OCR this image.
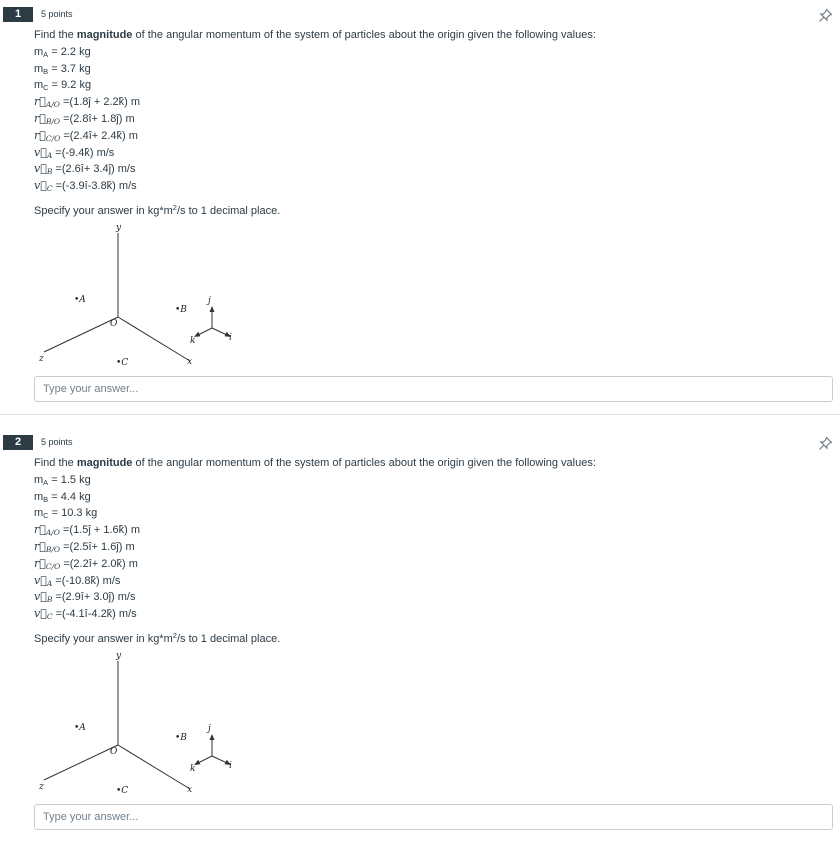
1	5 points
Find the magnitude of the angular momentum of the system of particles about the origin given the following values:
$m_A = 2.2$ kg
$m_B = 3.7$ kg
$m_C = 9.2$ kg
r⃗A/O =(1.8ĵ + 2.2k̂) m
r⃗B/O =(2.8î+ 1.8ĵ) m
r⃗C/O =(2.4î+ 2.4k̂) m
v⃗A =(-9.4k̂) m/s
v⃗B =(2.6î+ 3.4ĵ) m/s
v⃗C =(-3.9î-3.8k̂) m/s
Specify your answer in $kg*m^2/s$ to 1 decimal place.
y
z	x
O
•A
•B
•C
j
i
k
Type your answer...
2	5 points
Find the magnitude of the angular momentum of the system of particles about the origin given the following values:
$m_A = 1.5$ kg
$m_B = 4.4$ kg
$m_C = 10.3$ kg
r⃗A/O =(1.5ĵ + 1.6k̂) m
r⃗B/O =(2.5î+ 1.6ĵ) m
r⃗C/O =(2.2î+ 2.0k̂) m
v⃗A =(-10.8k̂) m/s
v⃗B =(2.9î+ 3.0ĵ) m/s
v⃗C =(-4.1î-4.2k̂) m/s
Specify your answer in $kg*m^2/s$ to 1 decimal place.
y
z	x
O
•A
•B
•C
j
i
k
Type your answer...
